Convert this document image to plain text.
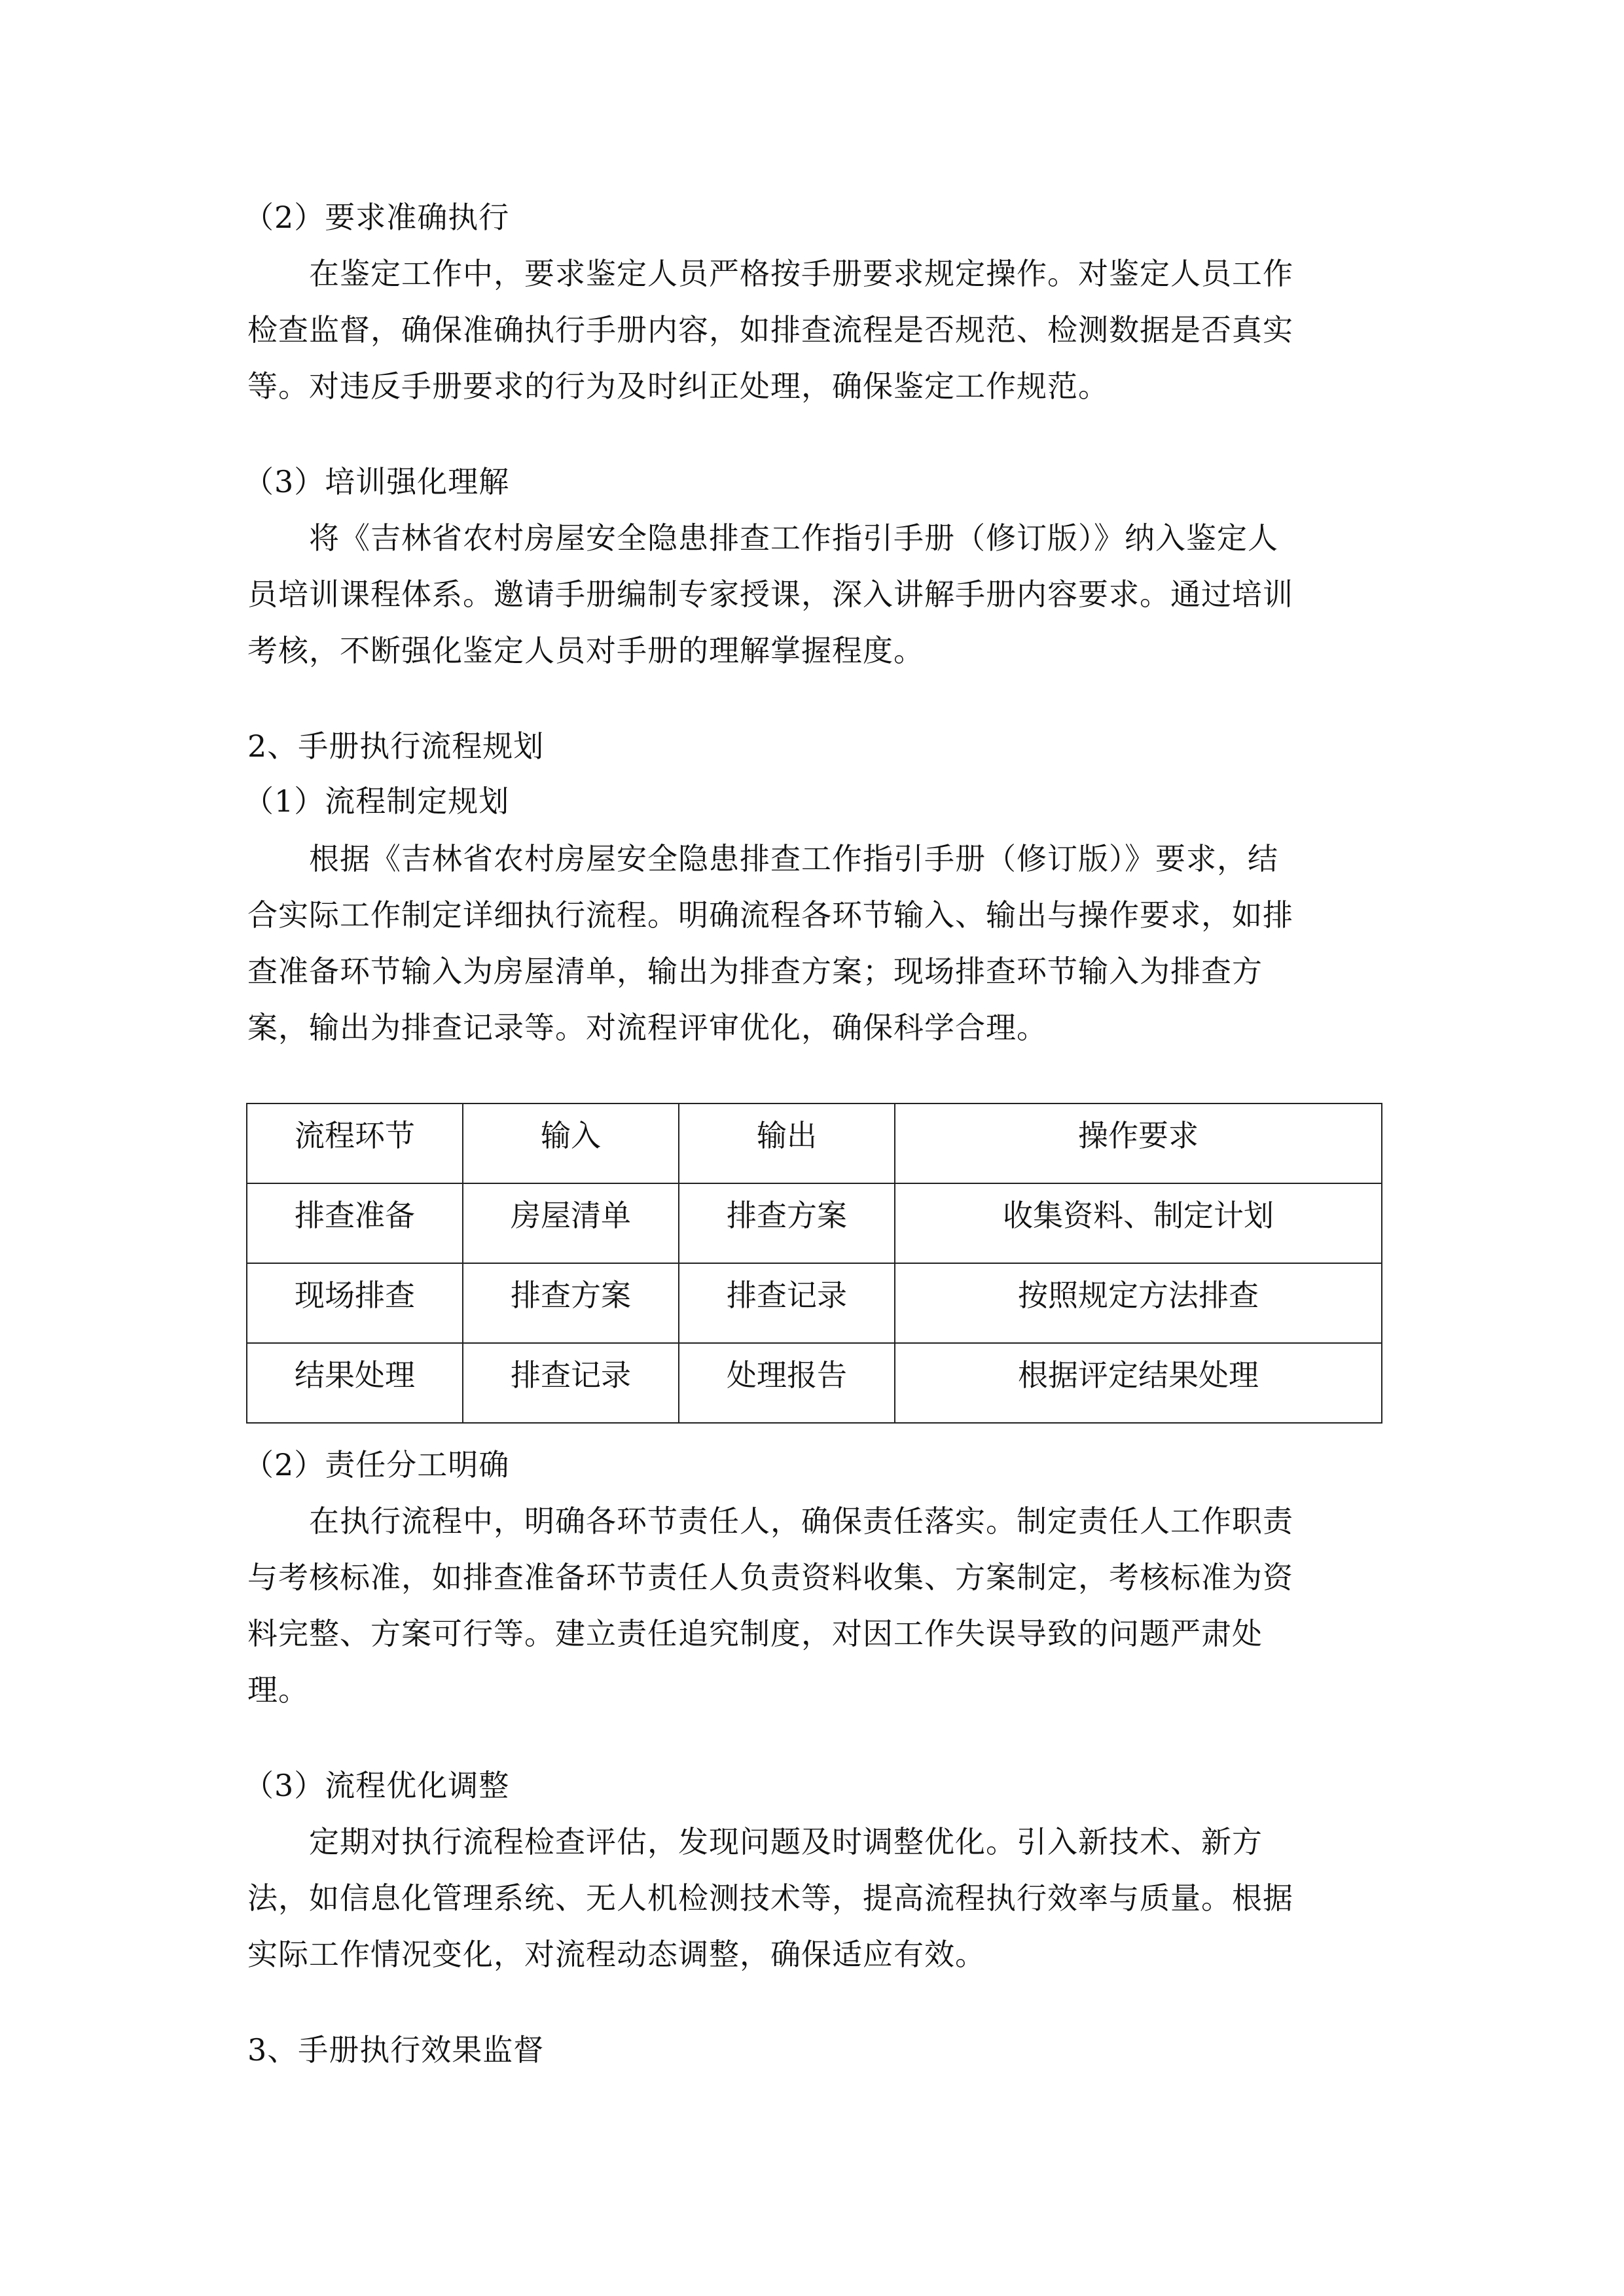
（2）要求准确执行
在鉴定工作中，要求鉴定人员严格按手册要求规定操作。对鉴定人员工作
检查监督，确保准确执行手册内容，如排查流程是否规范、检测数据是否真实
等。对违反手册要求的行为及时纠正处理，确保鉴定工作规范。
（3）培训强化理解
将《吉林省农村房屋安全隐患排查工作指引手册（修订版）》纳入鉴定人
员培训课程体系。邀请手册编制专家授课，深入讲解手册内容要求。通过培训
考核，不断强化鉴定人员对手册的理解掌握程度。
2、手册执行流程规划
（1）流程制定规划
根据《吉林省农村房屋安全隐患排查工作指引手册（修订版）》要求，结
合实际工作制定详细执行流程。明确流程各环节输入、输出与操作要求，如排
查准备环节输入为房屋清单，输出为排查方案；现场排查环节输入为排查方
案，输出为排查记录等。对流程评审优化，确保科学合理。
流程环节	输入	输出	操作要求
排查准备	房屋清单	排查方案	收集资料、制定计划
现场排查	排查方案	排查记录	按照规定方法排查
结果处理	排查记录	处理报告	根据评定结果处理
（2）责任分工明确
在执行流程中，明确各环节责任人，确保责任落实。制定责任人工作职责
与考核标准，如排查准备环节责任人负责资料收集、方案制定，考核标准为资
料完整、方案可行等。建立责任追究制度，对因工作失误导致的问题严肃处
理。
（3）流程优化调整
定期对执行流程检查评估，发现问题及时调整优化。引入新技术、新方
法，如信息化管理系统、无人机检测技术等，提高流程执行效率与质量。根据
实际工作情况变化，对流程动态调整，确保适应有效。
3、手册执行效果监督
